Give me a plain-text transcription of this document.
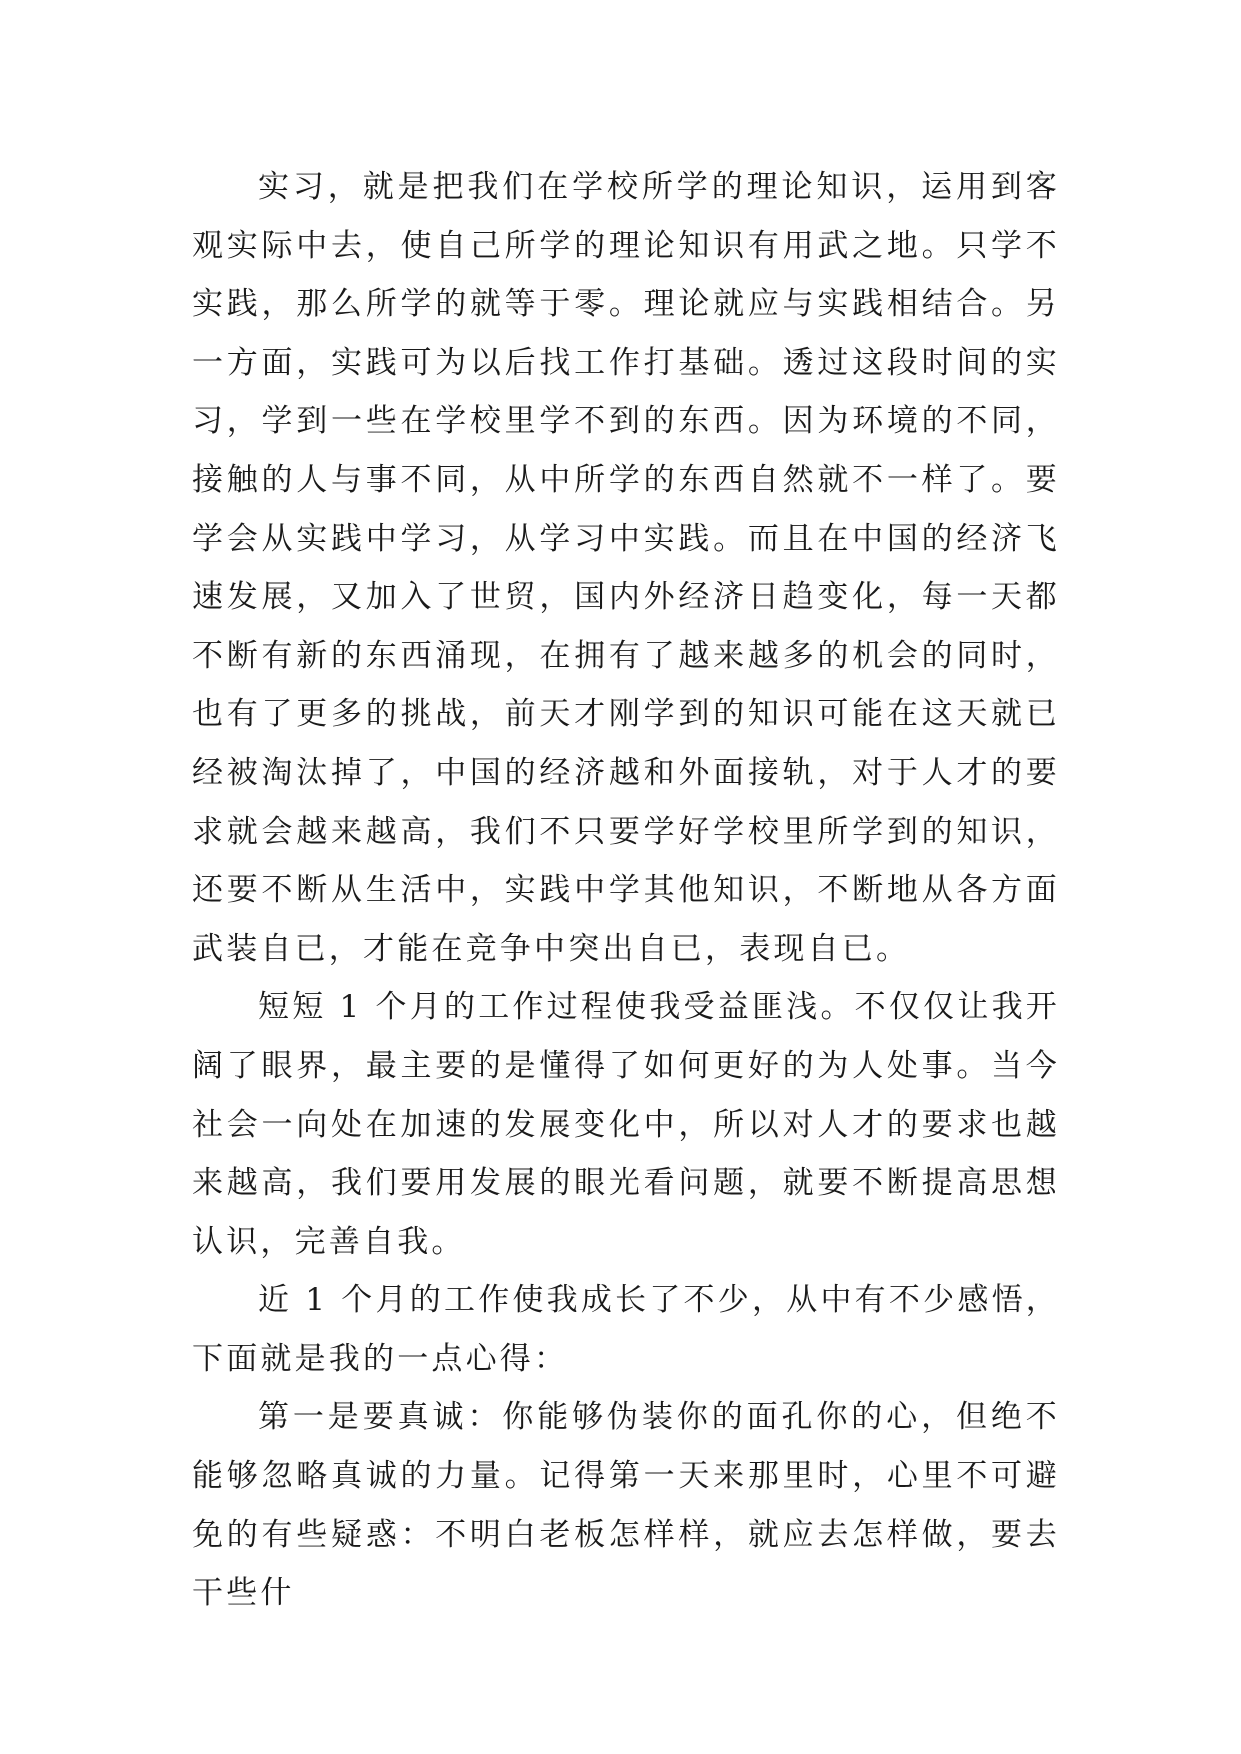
实习，就是把我们在学校所学的理论知识，运用到客观实际中去，使自己所学的理论知识有用武之地。只学不实践，那么所学的就等于零。理论就应与实践相结合。另一方面，实践可为以后找工作打基础。透过这段时间的实习，学到一些在学校里学不到的东西。因为环境的不同，接触的人与事不同，从中所学的东西自然就不一样了。要学会从实践中学习，从学习中实践。而且在中国的经济飞速发展，又加入了世贸，国内外经济日趋变化，每一天都不断有新的东西涌现，在拥有了越来越多的机会的同时，也有了更多的挑战，前天才刚学到的知识可能在这天就已经被淘汰掉了，中国的经济越和外面接轨，对于人才的要求就会越来越高，我们不只要学好学校里所学到的知识，还要不断从生活中，实践中学其他知识，不断地从各方面武装自已，才能在竞争中突出自已，表现自已。

短短 1 个月的工作过程使我受益匪浅。不仅仅让我开阔了眼界，最主要的是懂得了如何更好的为人处事。当今社会一向处在加速的发展变化中，所以对人才的要求也越来越高，我们要用发展的眼光看问题，就要不断提高思想认识，完善自我。

近 1 个月的工作使我成长了不少，从中有不少感悟，下面就是我的一点心得：

第一是要真诚：你能够伪装你的面孔你的心，但绝不能够忽略真诚的力量。记得第一天来那里时，心里不可避免的有些疑惑：不明白老板怎样样，就应去怎样做，要去干些什
